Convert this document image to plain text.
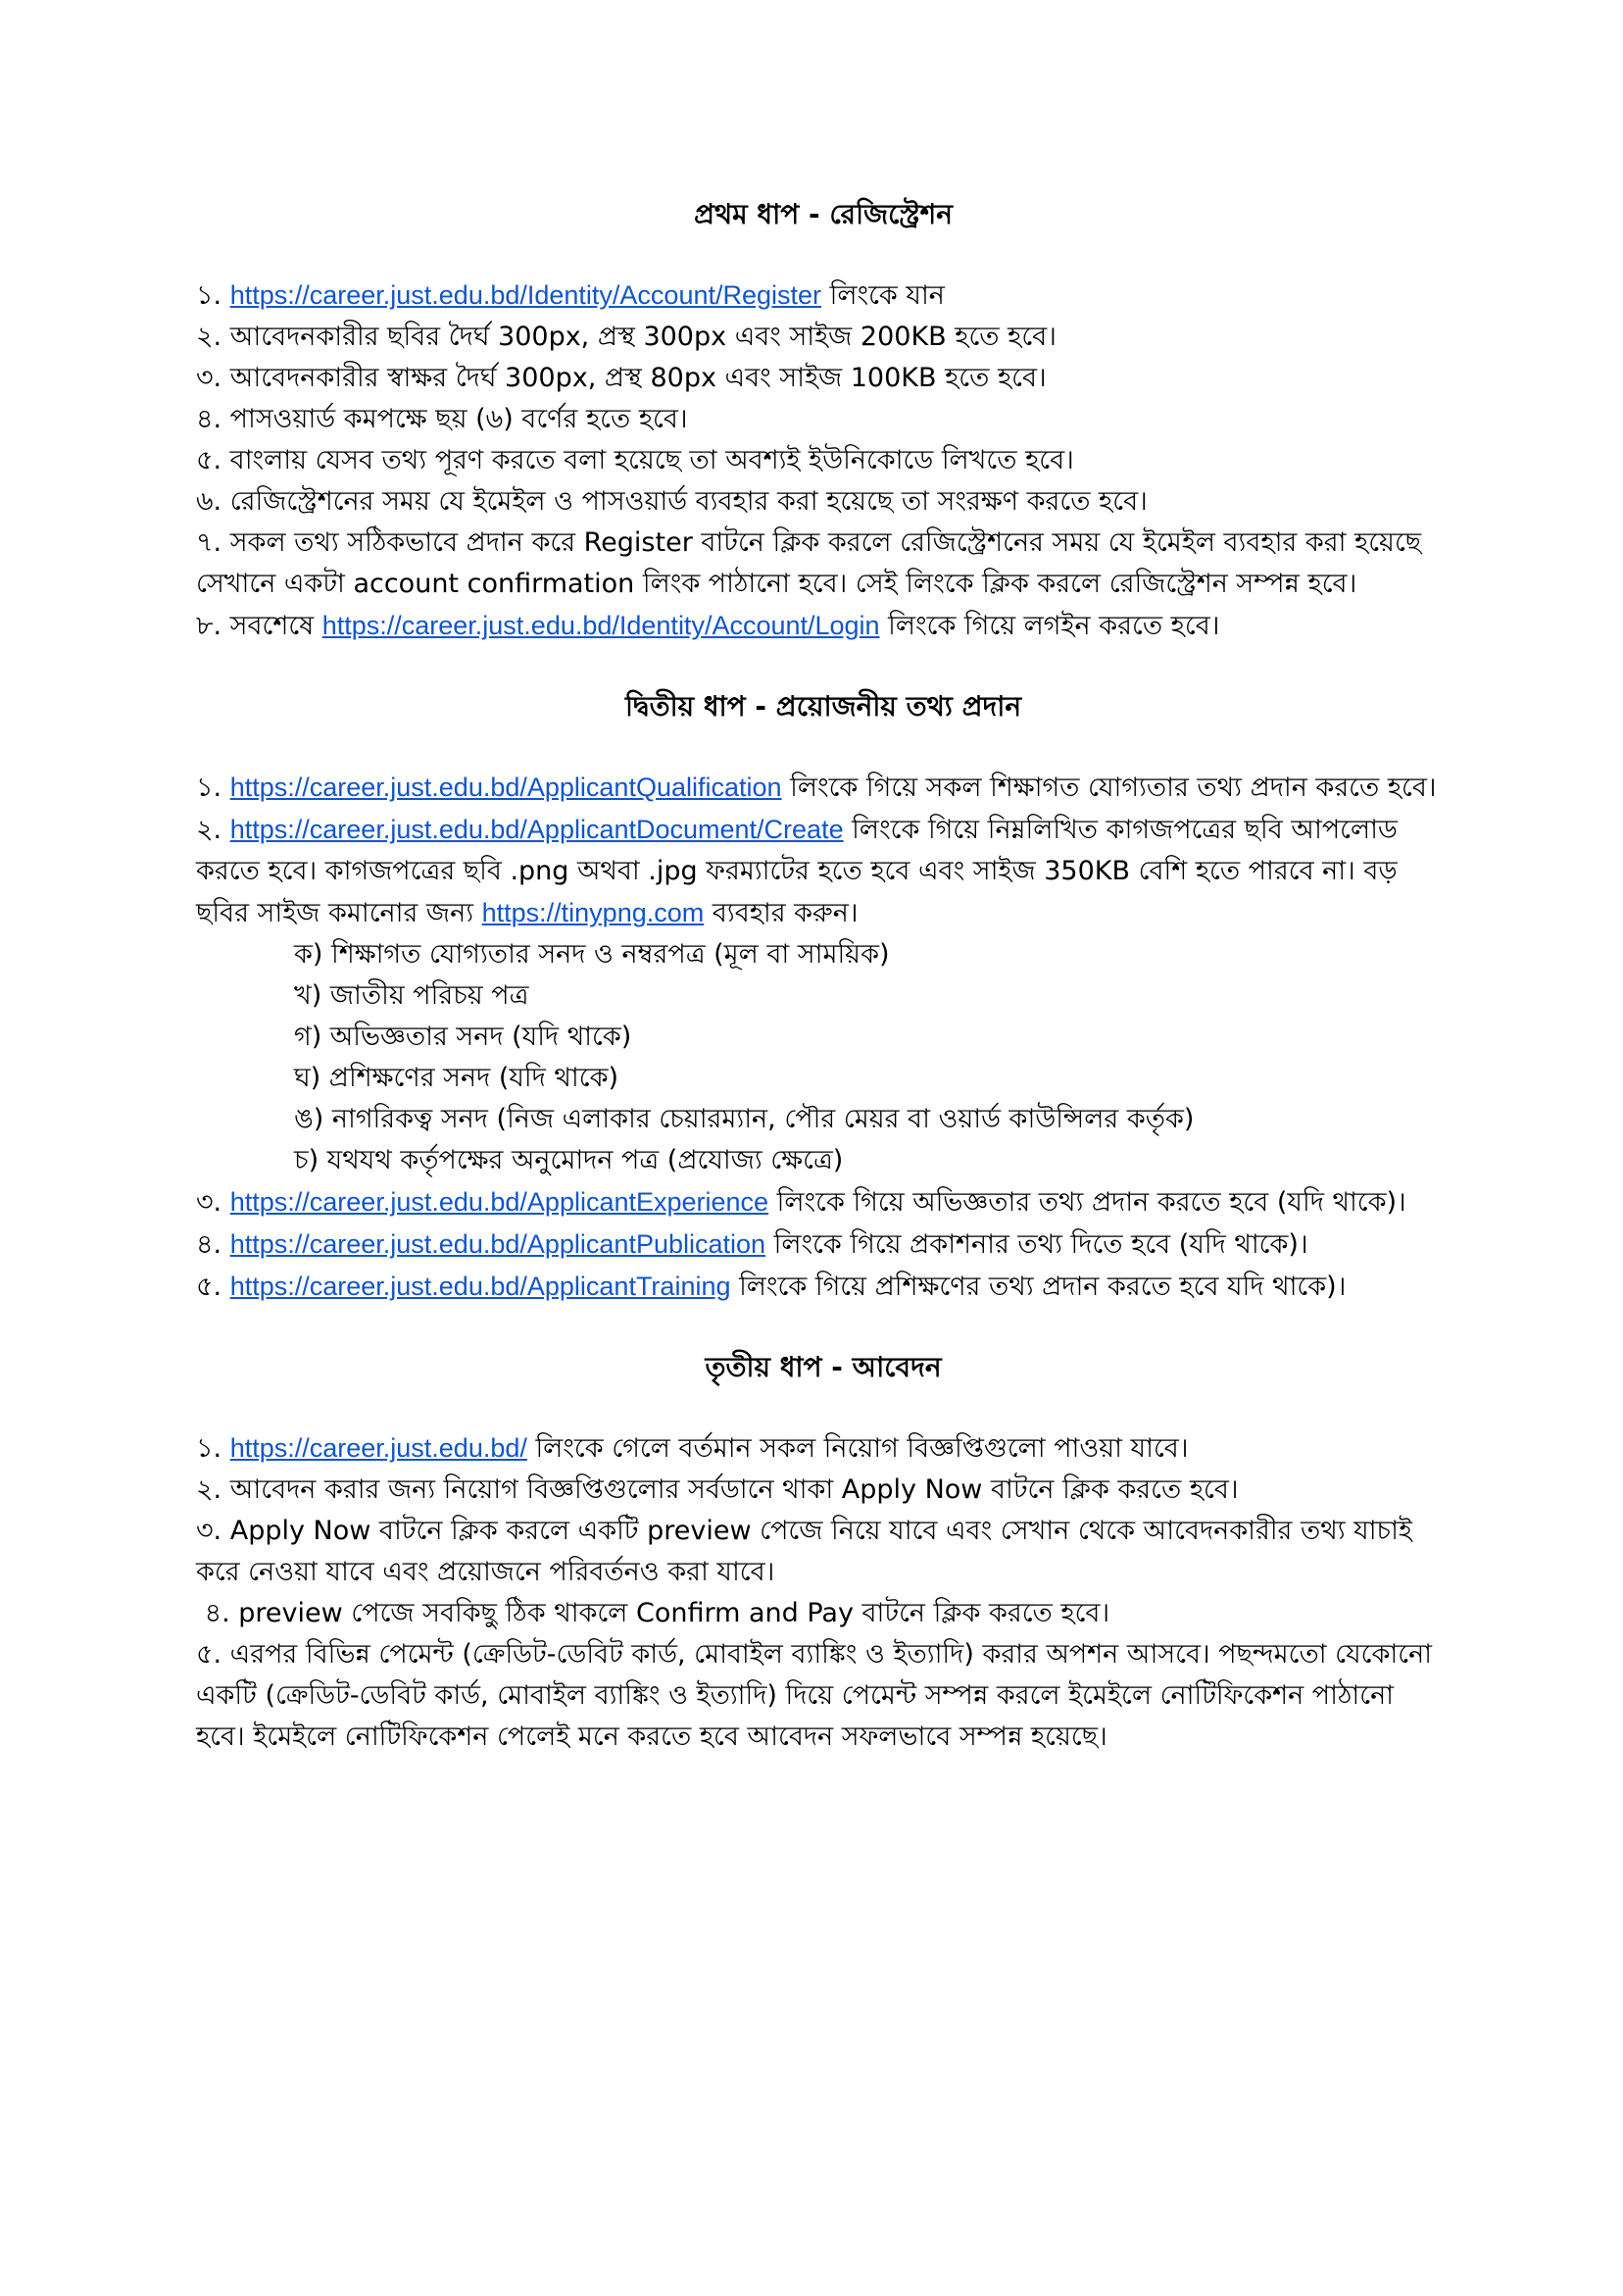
প্রথম ধাপ - রেজিস্ট্রেশন

১. https://career.just.edu.bd/Identity/Account/Register লিংকে যান

২. আবেদনকারীর ছবির দৈর্ঘ 300px, প্রস্থ 300px এবং সাইজ 200KB হতে হবে।

৩. আবেদনকারীর স্বাক্ষর দৈর্ঘ 300px, প্রস্থ 80px এবং সাইজ 100KB হতে হবে।

৪. পাসওয়ার্ড কমপক্ষে ছয় (৬) বর্ণের হতে হবে।

৫. বাংলায় যেসব তথ্য পূরণ করতে বলা হয়েছে তা অবশ্যই ইউনিকোডে লিখতে হবে।

৬. রেজিস্ট্রেশনের সময় যে ইমেইল ও পাসওয়ার্ড ব্যবহার করা হয়েছে তা সংরক্ষণ করতে হবে।

৭. সকল তথ্য সঠিকভাবে প্রদান করে Register বাটনে ক্লিক করলে রেজিস্ট্রেশনের সময় যে ইমেইল ব্যবহার করা হয়েছে সেখানে একটা account confirmation লিংক পাঠানো হবে। সেই লিংকে ক্লিক করলে রেজিস্ট্রেশন সম্পন্ন হবে।

৮. সবশেষে https://career.just.edu.bd/Identity/Account/Login লিংকে গিয়ে লগইন করতে হবে।

দ্বিতীয় ধাপ - প্রয়োজনীয় তথ্য প্রদান

১. https://career.just.edu.bd/ApplicantQualification লিংকে গিয়ে সকল শিক্ষাগত যোগ্যতার তথ্য প্রদান করতে হবে।

২. https://career.just.edu.bd/ApplicantDocument/Create লিংকে গিয়ে নিম্নলিখিত কাগজপত্রের ছবি আপলোড করতে হবে। কাগজপত্রের ছবি .png অথবা .jpg ফরম্যাটের হতে হবে এবং সাইজ 350KB বেশি হতে পারবে না। বড় ছবির সাইজ কমানোর জন্য https://tinypng.com ব্যবহার করুন।

ক) শিক্ষাগত যোগ্যতার সনদ ও নম্বরপত্র (মূল বা সাময়িক)

খ) জাতীয় পরিচয় পত্র

গ) অভিজ্ঞতার সনদ (যদি থাকে)

ঘ) প্রশিক্ষণের সনদ (যদি থাকে)

ঙ) নাগরিকত্ব সনদ (নিজ এলাকার চেয়ারম্যান, পৌর মেয়র বা ওয়ার্ড কাউন্সিলর কর্তৃক)

চ) যথযথ কর্তৃপক্ষের অনুমোদন পত্র (প্রযোজ্য ক্ষেত্রে)

৩. https://career.just.edu.bd/ApplicantExperience লিংকে গিয়ে অভিজ্ঞতার তথ্য প্রদান করতে হবে (যদি থাকে)।

৪. https://career.just.edu.bd/ApplicantPublication লিংকে গিয়ে প্রকাশনার তথ্য দিতে হবে (যদি থাকে)।

৫. https://career.just.edu.bd/ApplicantTraining লিংকে গিয়ে প্রশিক্ষণের তথ্য প্রদান করতে হবে যদি থাকে)।

তৃতীয় ধাপ - আবেদন

১. https://career.just.edu.bd/ লিংকে গেলে বর্তমান সকল নিয়োগ বিজ্ঞপ্তিগুলো পাওয়া যাবে।

২. আবেদন করার জন্য নিয়োগ বিজ্ঞপ্তিগুলোর সর্বডানে থাকা Apply Now বাটনে ক্লিক করতে হবে।

৩. Apply Now বাটনে ক্লিক করলে একটি preview পেজে নিয়ে যাবে এবং সেখান থেকে আবেদনকারীর তথ্য যাচাই করে নেওয়া যাবে এবং প্রয়োজনে পরিবর্তনও করা যাবে।

৪. preview পেজে সবকিছু ঠিক থাকলে Confirm and Pay বাটনে ক্লিক করতে হবে।

৫. এরপর বিভিন্ন পেমেন্ট (ক্রেডিট-ডেবিট কার্ড, মোবাইল ব্যাঙ্কিং ও ইত্যাদি) করার অপশন আসবে। পছন্দমতো যেকোনো একটি (ক্রেডিট-ডেবিট কার্ড, মোবাইল ব্যাঙ্কিং ও ইত্যাদি) দিয়ে পেমেন্ট সম্পন্ন করলে ইমেইলে নোটিফিকেশন পাঠানো হবে। ইমেইলে নোটিফিকেশন পেলেই মনে করতে হবে আবেদন সফলভাবে সম্পন্ন হয়েছে।
